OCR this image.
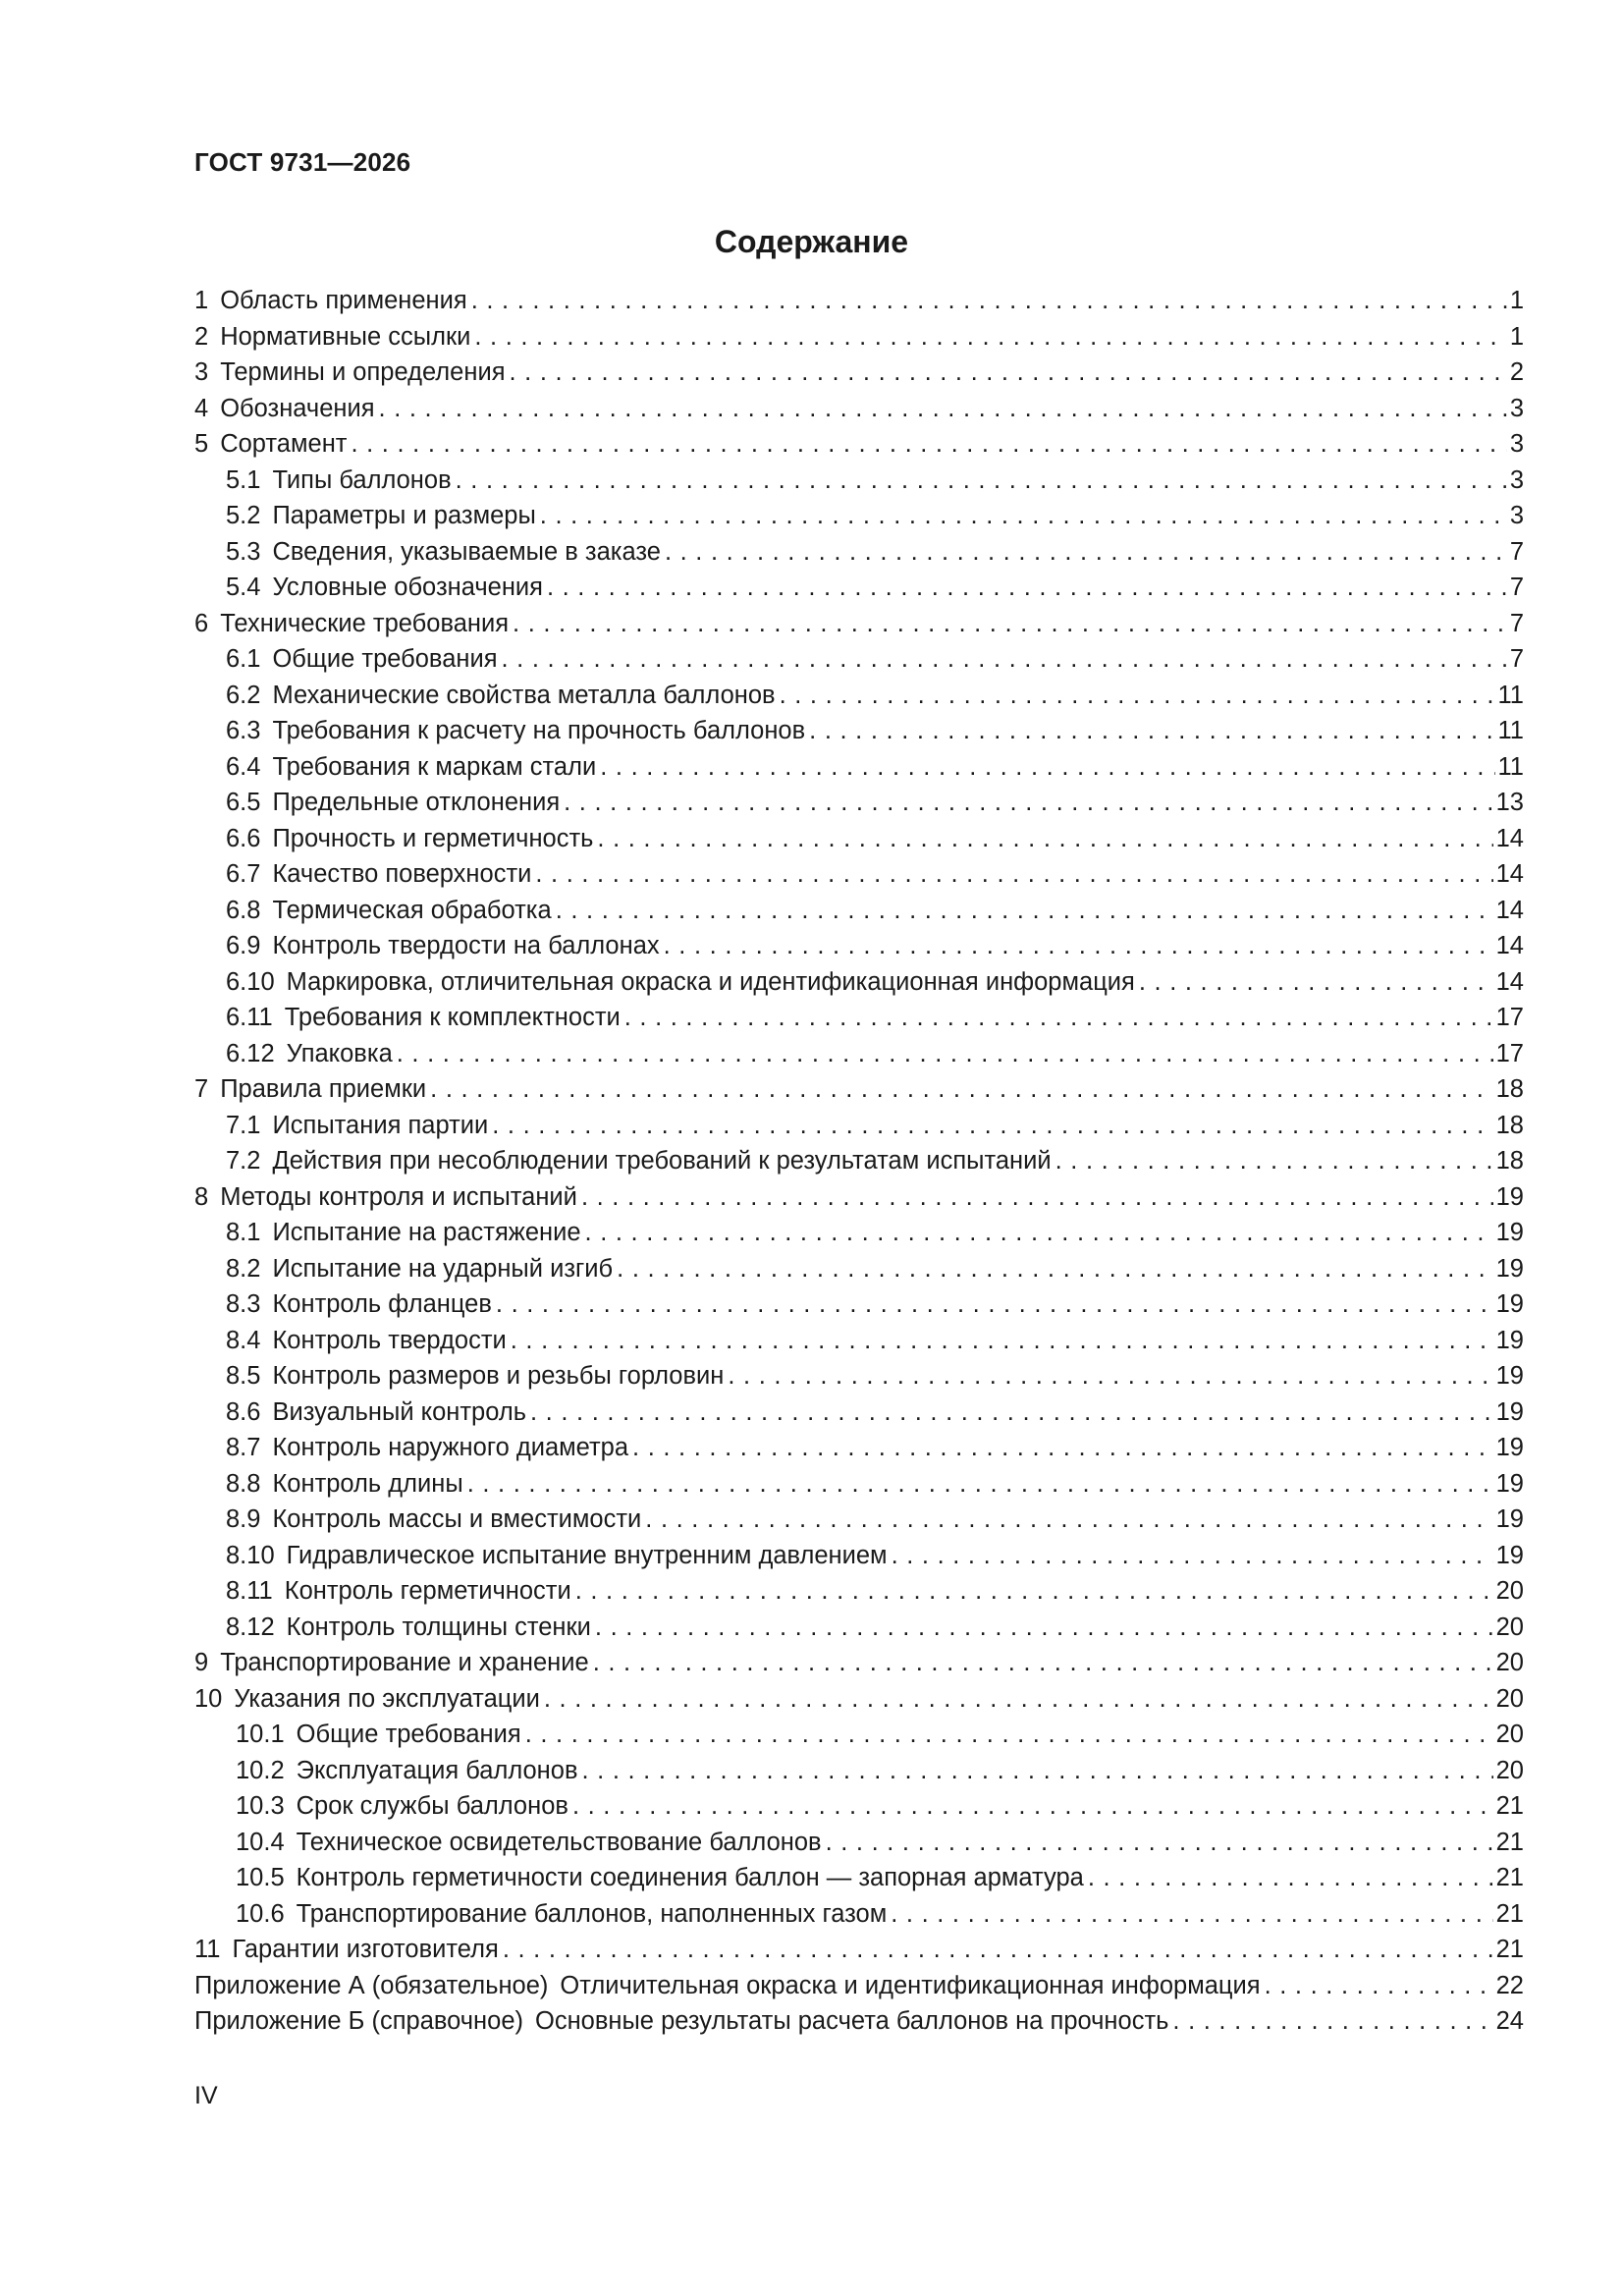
ГОСТ 9731—2026
Содержание
1 Область применения . . .	1
2 Нормативные ссылки . . .	1
3 Термины и определения . . .	2
4 Обозначения . . .	3
5 Сортамент . . .	3
5.1 Типы баллонов . . .	3
5.2 Параметры и размеры . . .	3
5.3 Сведения, указываемые в заказе . . .	7
5.4 Условные обозначения . . .	7
6 Технические требования . . .	7
6.1 Общие требования . . .	7
6.2 Механические свойства металла баллонов . . .	11
6.3 Требования к расчету на прочность баллонов . . .	11
6.4 Требования к маркам стали . . .	11
6.5 Предельные отклонения . . .	13
6.6 Прочность и герметичность . . .	14
6.7 Качество поверхности . . .	14
6.8 Термическая обработка . . .	14
6.9 Контроль твердости на баллонах . . .	14
6.10 Маркировка, отличительная окраска и идентификационная информация . . .	14
6.11 Требования к комплектности . . .	17
6.12 Упаковка . . .	17
7 Правила приемки . . .	18
7.1 Испытания партии . . .	18
7.2 Действия при несоблюдении требований к результатам испытаний . . .	18
8 Методы контроля и испытаний . . .	19
8.1 Испытание на растяжение . . .	19
8.2 Испытание на ударный изгиб . . .	19
8.3 Контроль фланцев . . .	19
8.4 Контроль твердости . . .	19
8.5 Контроль размеров и резьбы горловин . . .	19
8.6 Визуальный контроль . . .	19
8.7 Контроль наружного диаметра . . .	19
8.8 Контроль длины . . .	19
8.9 Контроль массы и вместимости . . .	19
8.10 Гидравлическое испытание внутренним давлением . . .	19
8.11 Контроль герметичности . . .	20
8.12 Контроль толщины стенки . . .	20
9 Транспортирование и хранение . . .	20
10 Указания по эксплуатации . . .	20
10.1 Общие требования . . .	20
10.2 Эксплуатация баллонов . . .	20
10.3 Срок службы баллонов . . .	21
10.4 Техническое освидетельствование баллонов . . .	21
10.5 Контроль герметичности соединения баллон — запорная арматура . . .	21
10.6 Транспортирование баллонов, наполненных газом . . .	21
11 Гарантии изготовителя . . .	21
Приложение А (обязательное) Отличительная окраска и идентификационная информация . . .	22
Приложение Б (справочное) Основные результаты расчета баллонов на прочность . . .	24
IV
